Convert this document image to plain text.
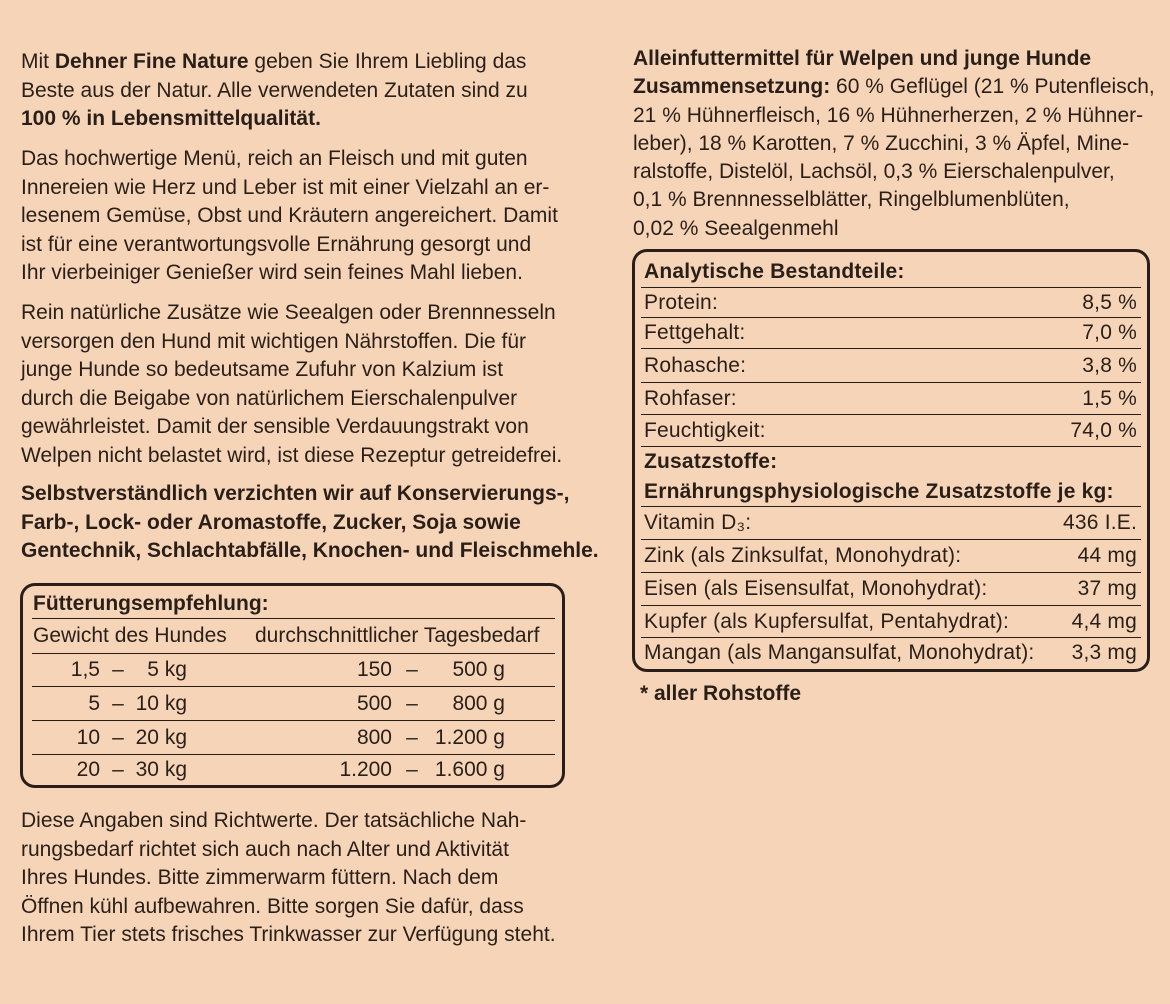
Mit Dehner Fine Nature geben Sie Ihrem Liebling das
Beste aus der Natur. Alle verwendeten Zutaten sind zu
100 % in Lebensmittelqualität.
Das hochwertige Menü, reich an Fleisch und mit guten
Innereien wie Herz und Leber ist mit einer Vielzahl an er-
lesenem Gemüse, Obst und Kräutern angereichert. Damit
ist für eine verantwortungsvolle Ernährung gesorgt und
Ihr vierbeiniger Genießer wird sein feines Mahl lieben.
Rein natürliche Zusätze wie Seealgen oder Brennnesseln
versorgen den Hund mit wichtigen Nährstoffen. Die für
junge Hunde so bedeutsame Zufuhr von Kalzium ist
durch die Beigabe von natürlichem Eierschalenpulver
gewährleistet. Damit der sensible Verdauungstrakt von
Welpen nicht belastet wird, ist diese Rezeptur getreidefrei.
Selbstverständlich verzichten wir auf Konservierungs-,
Farb-, Lock- oder Aromastoffe, Zucker, Soja sowie
Gentechnik, Schlachtabfälle, Knochen- und Fleischmehle.
Fütterungsempfehlung:
Gewicht des Hundes durchschnittlicher Tagesbedarf
1,5 –	5 kg	150 –	500 g
5 – 10 kg	500 –	800 g
10 – 20 kg	800 – 1.200 g
20 – 30 kg	1.200 – 1.600 g
Diese Angaben sind Richtwerte. Der tatsächliche Nah-
rungsbedarf richtet sich auch nach Alter und Aktivität
Ihres Hundes. Bitte zimmerwarm füttern. Nach dem
Öffnen kühl aufbewahren. Bitte sorgen Sie dafür, dass
Ihrem Tier stets frisches Trinkwasser zur Verfügung steht.
Alleinfuttermittel für Welpen und junge Hunde
Zusammensetzung: 60 % Geflügel (21 % Putenfleisch,
21 % Hühnerfleisch, 16 % Hühnerherzen, 2 % Hühner-
leber), 18 % Karotten, 7 % Zucchini, 3 % Äpfel, Mine-
ralstoffe, Distelöl, Lachsöl, 0,3 % Eierschalenpulver,
0,1 % Brennnesselblätter, Ringelblumenblüten,
0,02 % Seealgenmehl
Analytische Bestandteile:
Protein:	8,5 %
Fettgehalt:	7,0 %
Rohasche:	3,8 %
Rohfaser:	1,5 %
Feuchtigkeit:	74,0 %
Zusatzstoffe:
Ernährungsphysiologische Zusatzstoffe je kg:
Vitamin D₃:	436 I.E.
Zink (als Zinksulfat, Monohydrat):	44 mg
Eisen (als Eisensulfat, Monohydrat):	37 mg
Kupfer (als Kupfersulfat, Pentahydrat):	4,4 mg
Mangan (als Mangansulfat, Monohydrat): 3,3 mg
* aller Rohstoffe
